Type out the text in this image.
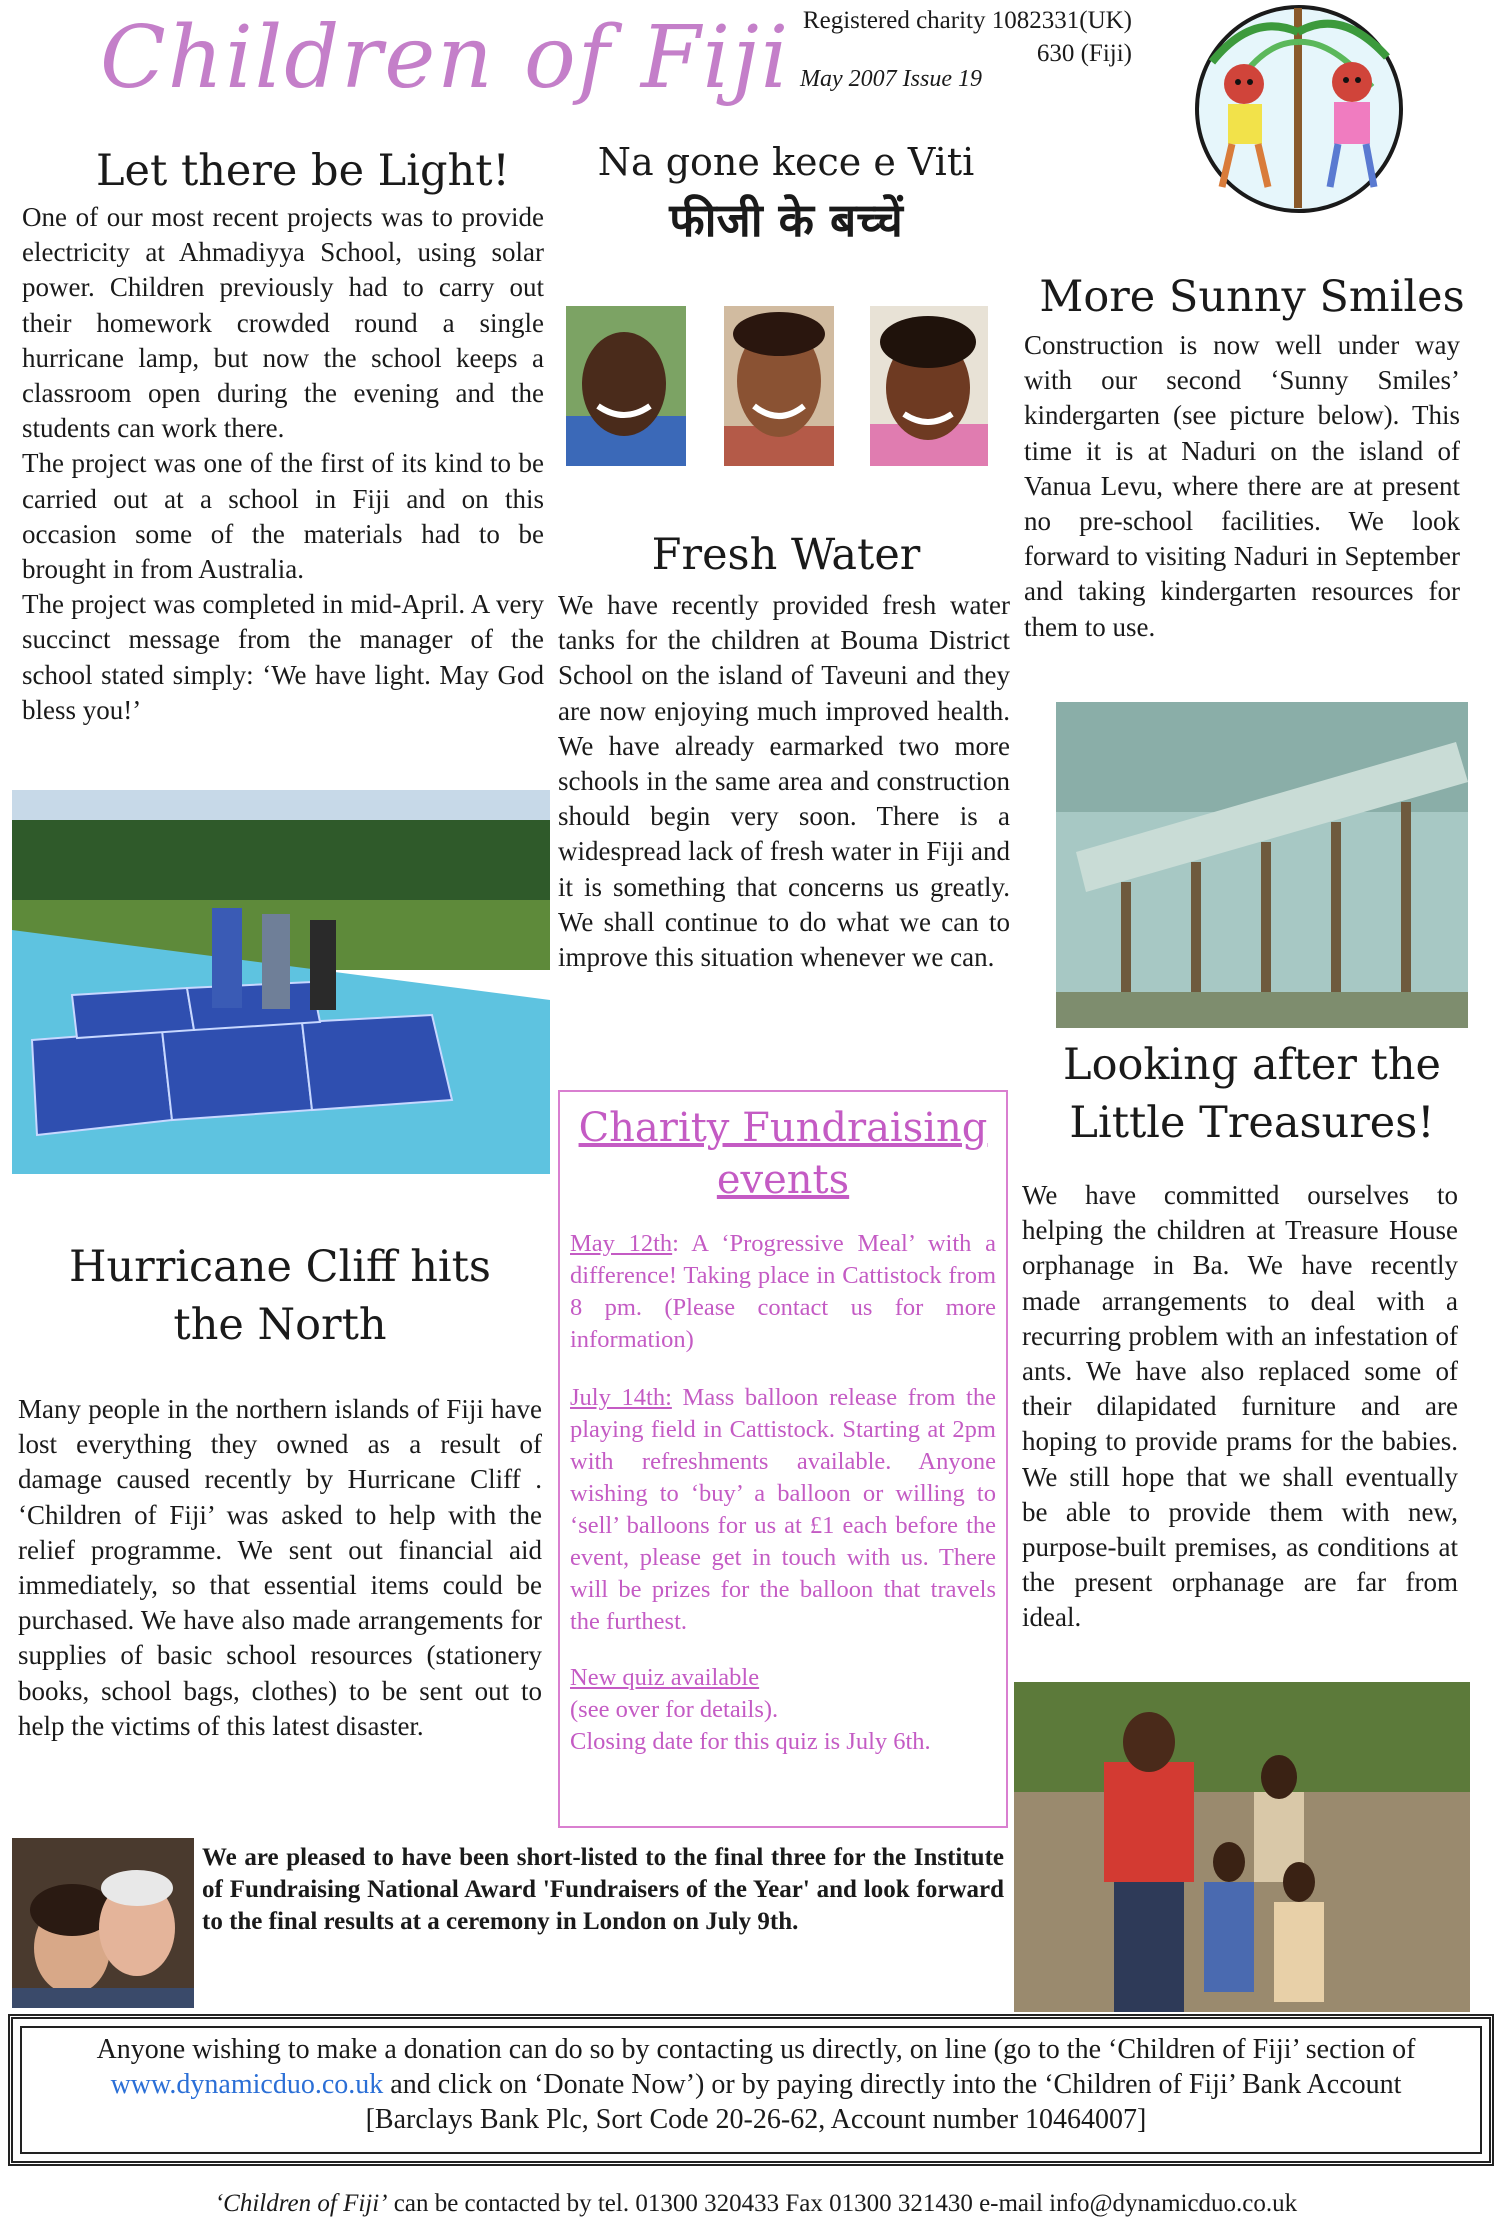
Children of Fiji Registered charity 1082331(UK)
630 (Fiji)
May 2007 Issue 19
Let there be Light!

One of our most recent projects was to provide electricity at Ahmadiyya School, using solar power. Children previously had to carry out their homework crowded round a single hurricane lamp, but now the school keeps a classroom open during the evening and the students can work there.

The project was one of the first of its kind to be carried out at a school in Fiji and on this occasion some of the materials had to be brought in from Australia.

The project was completed in mid-April. A very succinct message from the manager of the school stated simply: ‘We have light. May God bless you!’

Hurricane Cliff hits
the North

Many people in the northern islands of Fiji have lost everything they owned as a result of damage caused recently by Hurricane Cliff . ‘Children of Fiji’ was asked to help with the relief programme. We sent out financial aid immediately, so that essential items could be purchased. We have also made arrangements for supplies of basic school resources (stationery books, school bags, clothes) to be sent out to help the victims of this latest disaster.

Na gone kece e Viti
फीजी के बच्चें
Fresh Water

We have recently provided fresh water tanks for the children at Bouma District School on the island of Taveuni and they are now enjoying much improved health. We have already earmarked two more schools in the same area and construction should begin very soon. There is a widespread lack of fresh water in Fiji and it is something that concerns us greatly. We shall continue to do what we can to improve this situation whenever we can.

Charity Fundraising
events

May 12th: A ‘Progressive Meal’ with a difference! Taking place in Cattistock from 8 pm. (Please contact us for more information)

July 14th: Mass balloon release from the playing field in Cattistock. Starting at 2pm with refreshments available. Anyone wishing to ‘buy’ a balloon or willing to ‘sell’ balloons for us at £1 each before the event, please get in touch with us. There will be prizes for the balloon that travels the furthest.

New quiz available
(see over for details).
Closing date for this quiz is July 6th.
More Sunny Smiles

Construction is now well under way with our second ‘Sunny Smiles’ kindergarten (see picture below). This time it is at Naduri on the island of Vanua Levu, where there are at present no pre-school facilities. We look forward to visiting Naduri in September and taking kindergarten resources for them to use.

Looking after the
Little Treasures!

We have committed ourselves to helping the children at Treasure House orphanage in Ba. We have recently made arrangements to deal with a recurring problem with an infestation of ants. We have also replaced some of their dilapidated furniture and are hoping to provide prams for the babies. We still hope that we shall eventually be able to provide them with new, purpose-built premises, as conditions at the present orphanage are far from ideal.

We are pleased to have been short-listed to the final three for the Institute of Fundraising National Award 'Fundraisers of the Year' and look forward to the final results at a ceremony in London on July 9th.

Anyone wishing to make a donation can do so by contacting us directly, on line (go to the ‘Children of Fiji’ section of
www.dynamicduo.co.uk and click on ‘Donate Now’) or by paying directly into the ‘Children of Fiji’ Bank Account
[Barclays Bank Plc, Sort Code 20-26-62, Account number 10464007]
‘Children of Fiji’ can be contacted by tel. 01300 320433 Fax 01300 321430 e-mail info@dynamicduo.co.uk
